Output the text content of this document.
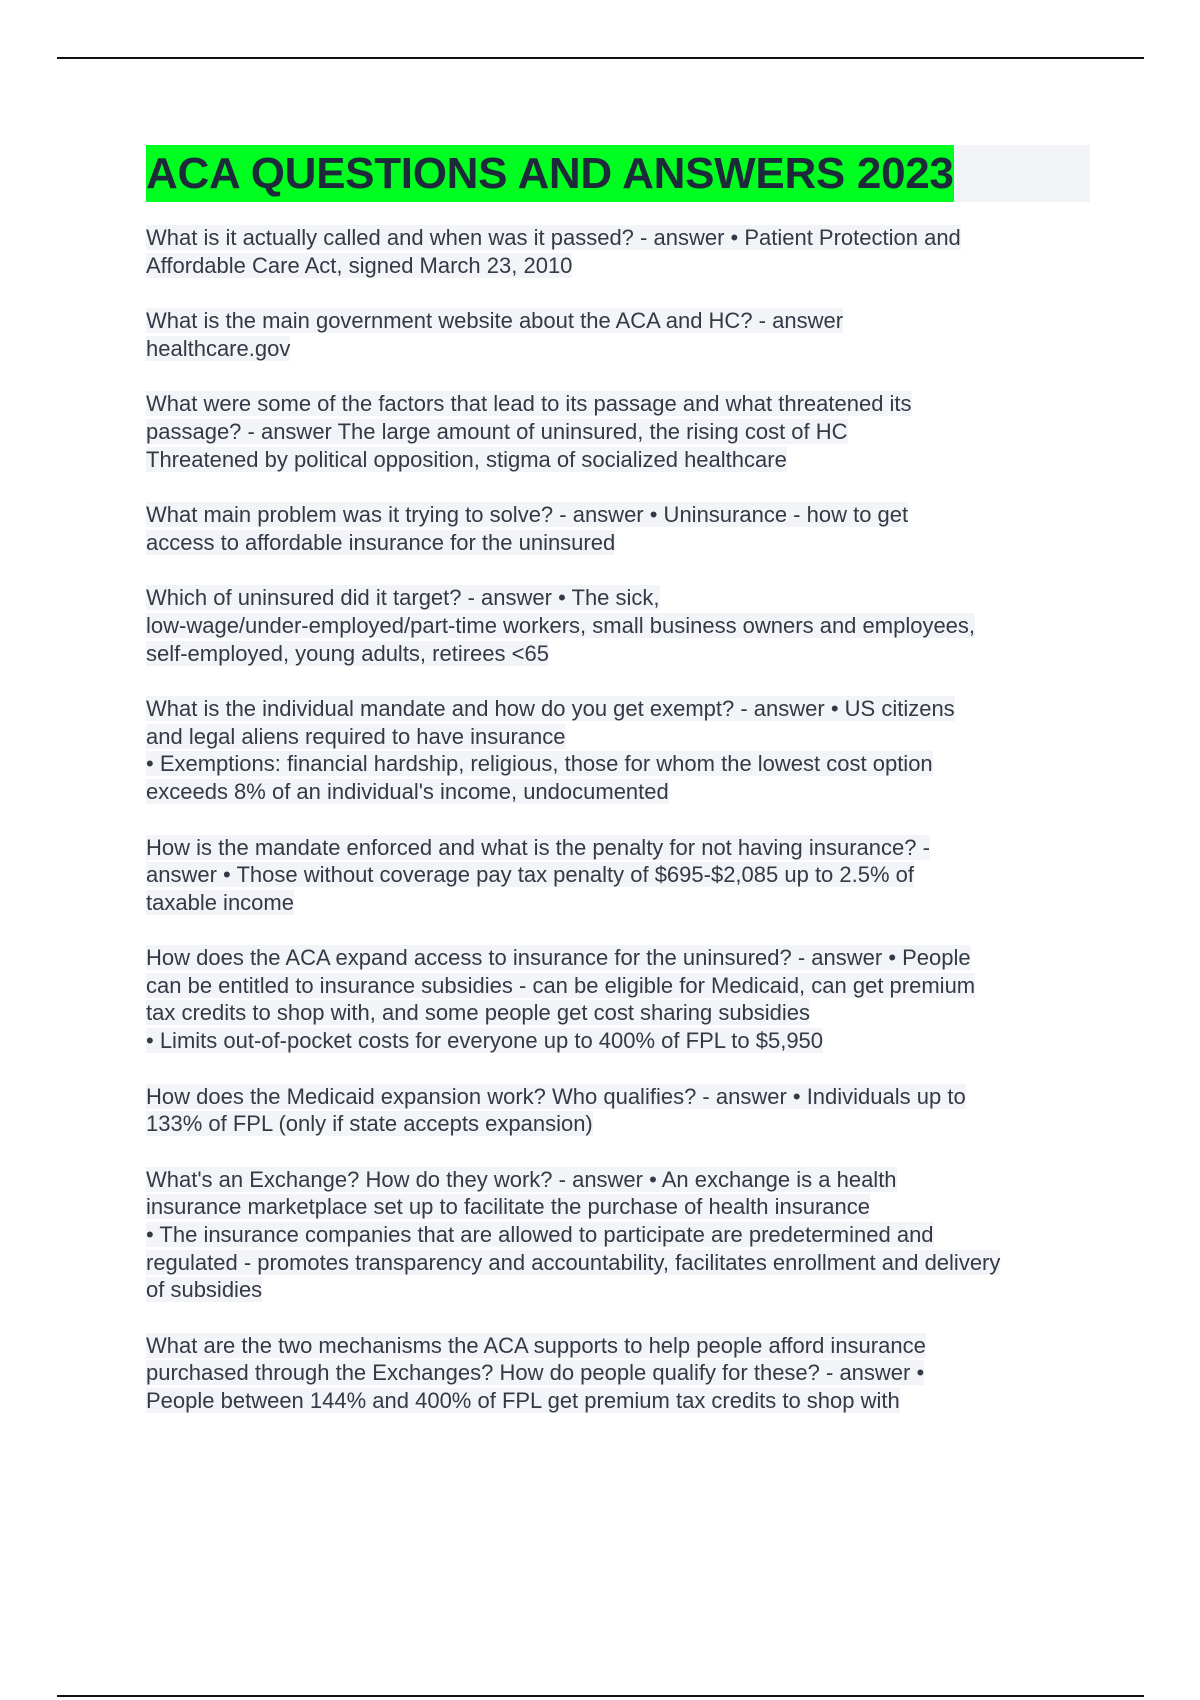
ACA QUESTIONS AND ANSWERS 2023
What is it actually called and when was it passed? - answer • Patient Protection and
Affordable Care Act, signed March 23, 2010
What is the main government website about the ACA and HC? - answer
healthcare.gov
What were some of the factors that lead to its passage and what threatened its
passage? - answer The large amount of uninsured, the rising cost of HC
Threatened by political opposition, stigma of socialized healthcare
What main problem was it trying to solve? - answer • Uninsurance - how to get
access to affordable insurance for the uninsured
Which of uninsured did it target? - answer • The sick,
low-wage/under-employed/part-time workers, small business owners and employees,
self-employed, young adults, retirees <65
What is the individual mandate and how do you get exempt? - answer • US citizens
and legal aliens required to have insurance
• Exemptions: financial hardship, religious, those for whom the lowest cost option
exceeds 8% of an individual's income, undocumented
How is the mandate enforced and what is the penalty for not having insurance? -
answer • Those without coverage pay tax penalty of $695-$2,085 up to 2.5% of
taxable income
How does the ACA expand access to insurance for the uninsured? - answer • People
can be entitled to insurance subsidies - can be eligible for Medicaid, can get premium
tax credits to shop with, and some people get cost sharing subsidies
• Limits out-of-pocket costs for everyone up to 400% of FPL to $5,950
How does the Medicaid expansion work? Who qualifies? - answer • Individuals up to
133% of FPL (only if state accepts expansion)
What's an Exchange? How do they work? - answer • An exchange is a health
insurance marketplace set up to facilitate the purchase of health insurance
• The insurance companies that are allowed to participate are predetermined and
regulated - promotes transparency and accountability, facilitates enrollment and delivery
of subsidies
What are the two mechanisms the ACA supports to help people afford insurance
purchased through the Exchanges? How do people qualify for these? - answer •
People between 144% and 400% of FPL get premium tax credits to shop with
